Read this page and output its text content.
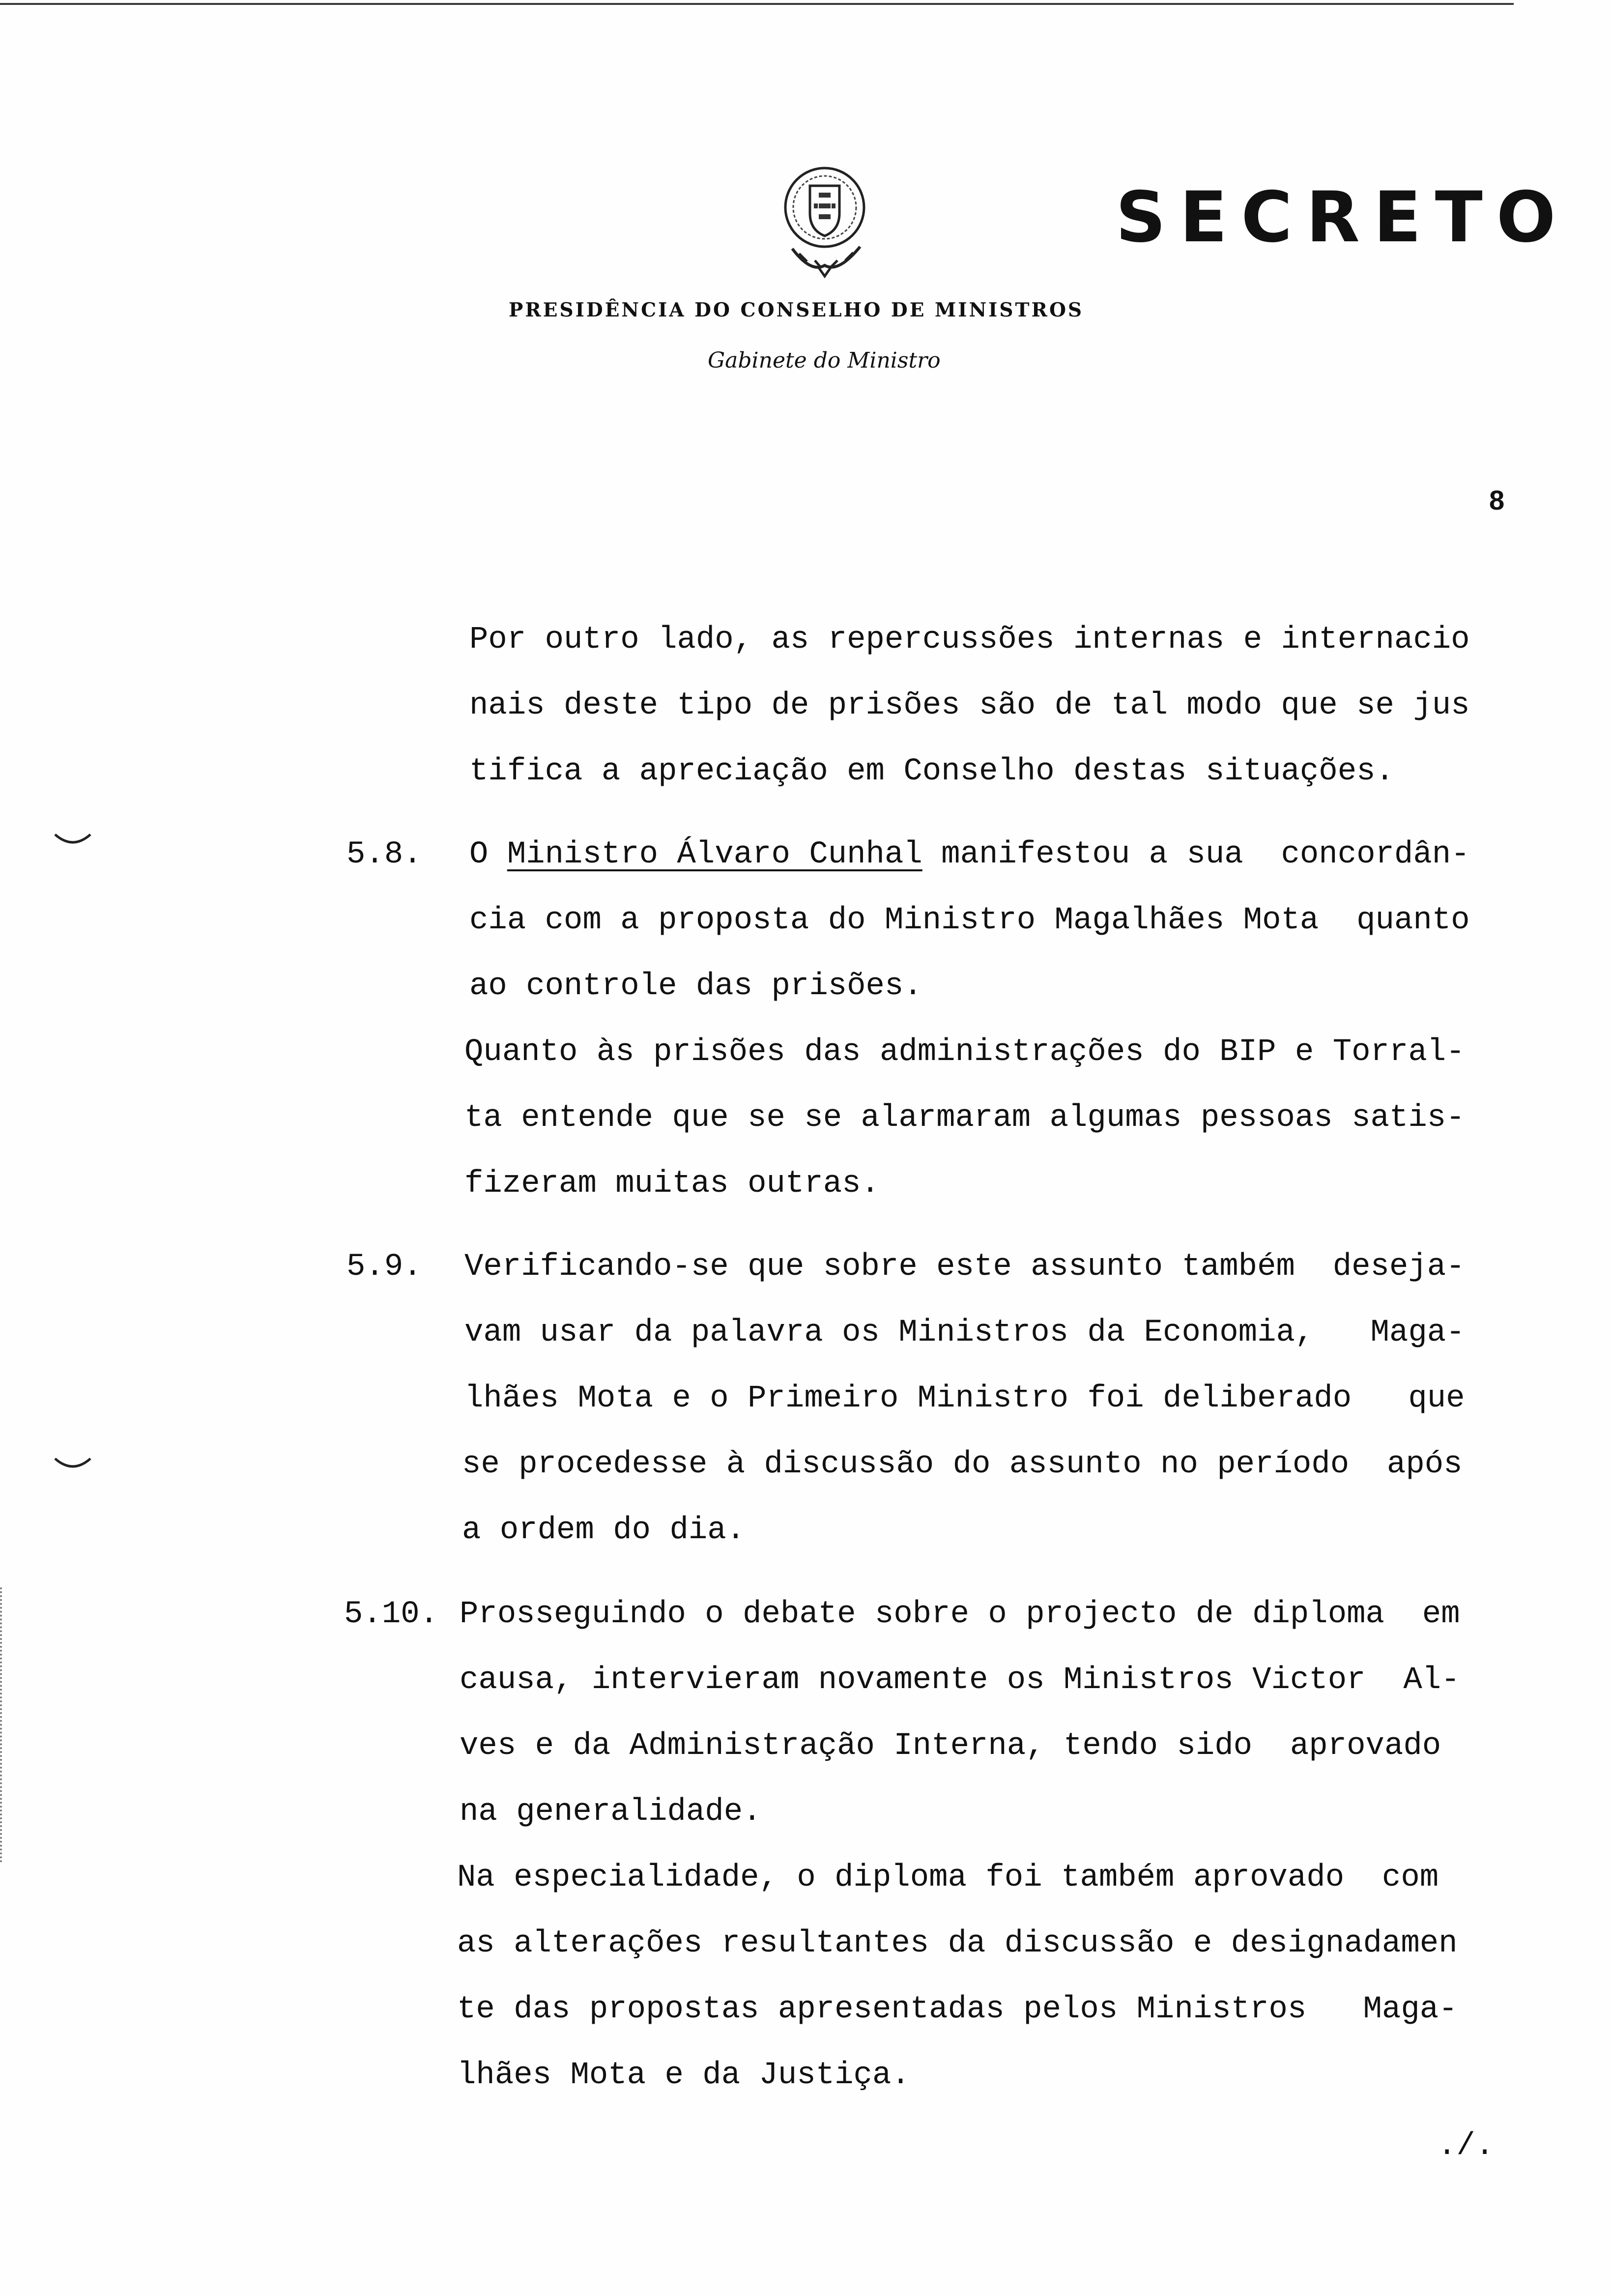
SECRETO
PRESIDÊNCIA DO CONSELHO DE MINISTROS
Gabinete do Ministro
8
Por outro lado, as repercussões internas e internacio
nais deste tipo de prisões são de tal modo que se jus
tifica a apreciação em Conselho destas situações.
5.8. O Ministro Álvaro Cunhal manifestou a sua  concordân-
cia com a proposta do Ministro Magalhães Mota  quanto
ao controle das prisões.
Quanto às prisões das administrações do BIP e Torral-
ta entende que se se alarmaram algumas pessoas satis-
fizeram muitas outras.
5.9. Verificando-se que sobre este assunto também  deseja-
vam usar da palavra os Ministros da Economia,   Maga-
lhães Mota e o Primeiro Ministro foi deliberado   que
se procedesse à discussão do assunto no período  após
a ordem do dia.
5.10. Prosseguindo o debate sobre o projecto de diploma  em
causa, intervieram novamente os Ministros Victor  Al-
ves e da Administração Interna, tendo sido  aprovado
na generalidade.
Na especialidade, o diploma foi também aprovado  com
as alterações resultantes da discussão e designadamen
te das propostas apresentadas pelos Ministros   Maga-
lhães Mota e da Justiça.
./.
